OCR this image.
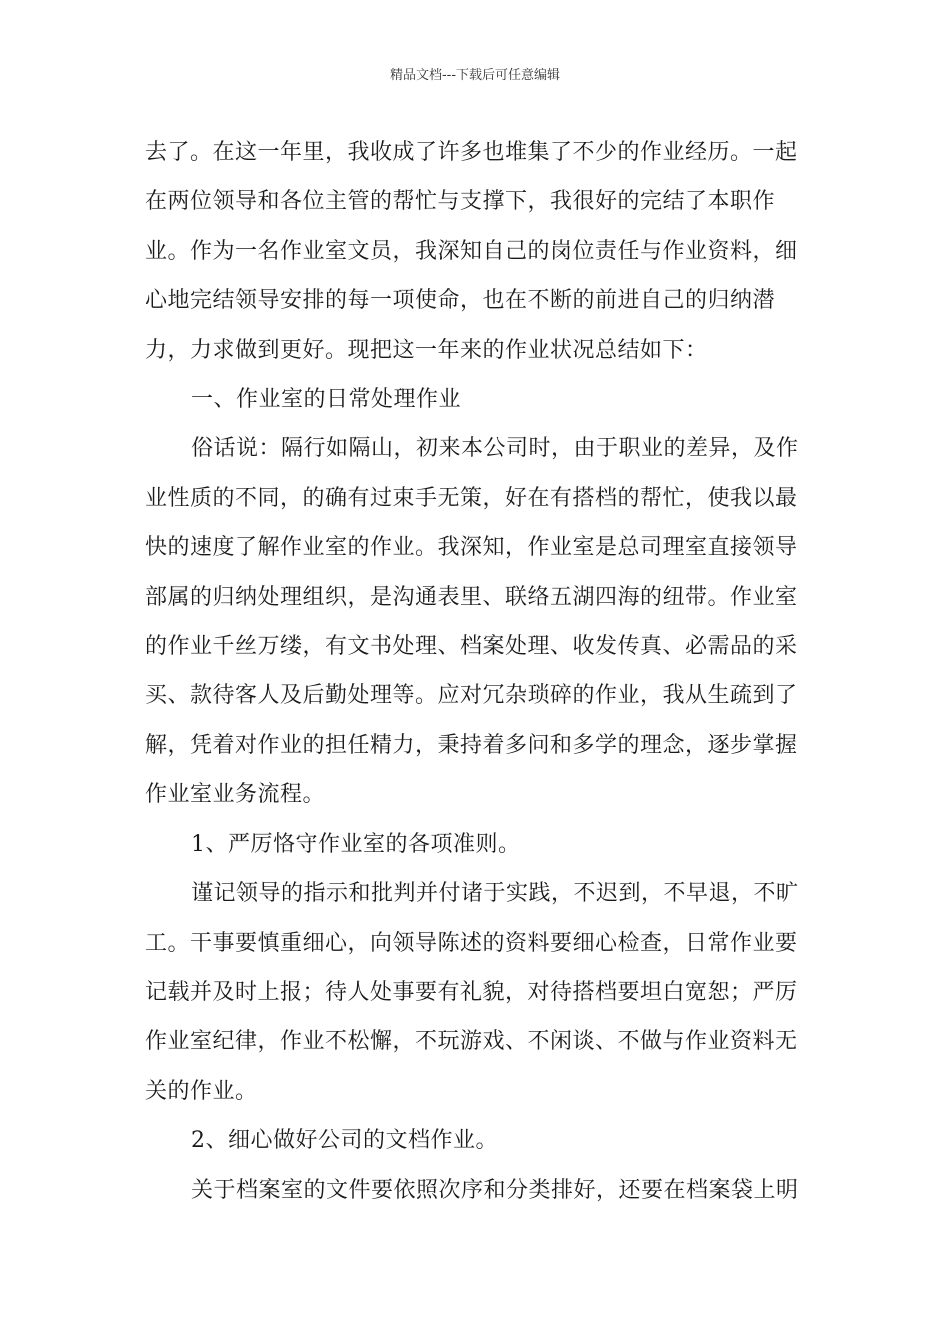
精品文档---下载后可任意编辑

去了。在这一年里，我收成了许多也堆集了不少的作业经历。一起在两位领导和各位主管的帮忙与支撑下，我很好的完结了本职作业。作为一名作业室文员，我深知自己的岗位责任与作业资料，细心地完结领导安排的每一项使命，也在不断的前进自己的归纳潜力，力求做到更好。现把这一年来的作业状况总结如下：

一、作业室的日常处理作业

俗话说：隔行如隔山，初来本公司时，由于职业的差异，及作业性质的不同，的确有过束手无策，好在有搭档的帮忙，使我以最快的速度了解作业室的作业。我深知，作业室是总司理室直接领导部属的归纳处理组织，是沟通表里、联络五湖四海的纽带。作业室的作业千丝万缕，有文书处理、档案处理、收发传真、必需品的采买、款待客人及后勤处理等。应对冗杂琐碎的作业，我从生疏到了解，凭着对作业的担任精力，秉持着多问和多学的理念，逐步掌握作业室业务流程。

1、严厉恪守作业室的各项准则。

谨记领导的指示和批判并付诸于实践，不迟到，不早退，不旷工。干事要慎重细心，向领导陈述的资料要细心检查，日常作业要记载并及时上报；待人处事要有礼貌，对待搭档要坦白宽恕；严厉作业室纪律，作业不松懈，不玩游戏、不闲谈、不做与作业资料无关的作业。

2、细心做好公司的文档作业。

关于档案室的文件要依照次序和分类排好，还要在档案袋上明
